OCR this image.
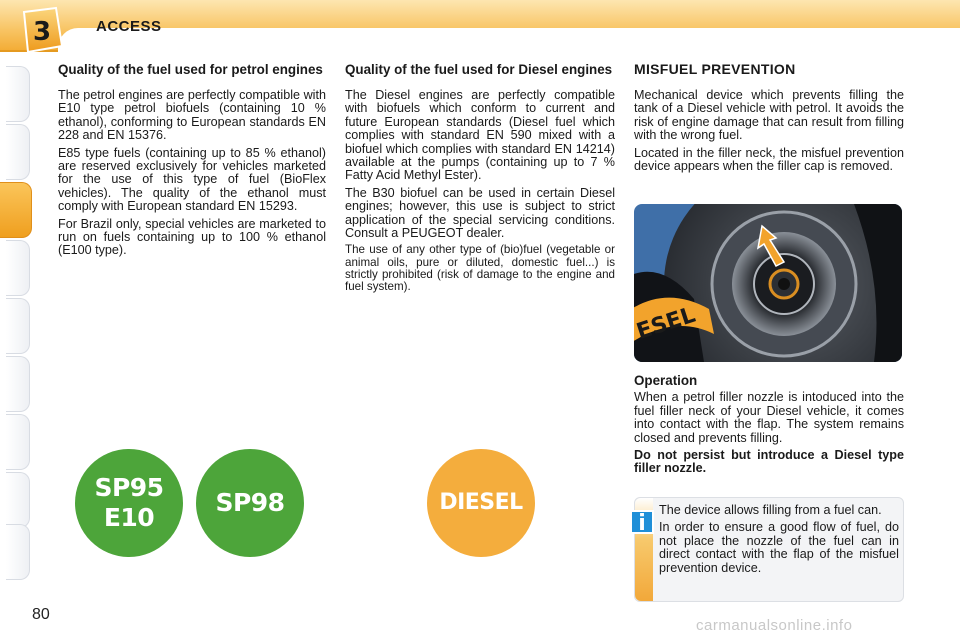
3	ACCESS
Quality of the fuel used for petrol engines

The petrol engines are perfectly compatible with E10 type petrol biofuels (containing 10 % ethanol), conforming to European standards EN 228 and EN 15376.

E85 type fuels (containing up to 85 % ethanol) are reserved exclusively for vehicles marketed for the use of this type of fuel (BioFlex vehicles). The quality of the ethanol must comply with European standard EN 15293.

For Brazil only, special vehicles are marketed to run on fuels containing up to 100 % ethanol (E100 type).

Quality of the fuel used for Diesel engines

The Diesel engines are perfectly compatible with biofuels which conform to current and future European standards (Diesel fuel which complies with standard EN 590 mixed with a biofuel which complies with standard EN 14214) available at the pumps (containing up to 7 % Fatty Acid Methyl Ester).

The B30 biofuel can be used in certain Diesel engines; however, this use is subject to strict application of the special servicing conditions. Consult a PEUGEOT dealer.

The use of any other type of (bio)fuel (vegetable or animal oils, pure or diluted, domestic fuel...) is strictly prohibited (risk of damage to the engine and fuel system).

MISFUEL PREVENTION

Mechanical device which prevents filling the tank of a Diesel vehicle with petrol. It avoids the risk of engine damage that can result from filling with the wrong fuel.

Located in the filler neck, the misfuel prevention device appears when the filler cap is removed.

ESEL
Operation

When a petrol filler nozzle is intoduced into the fuel filler neck of your Diesel vehicle, it comes into contact with the flap. The system remains closed and prevents filling.

Do not persist but introduce a Diesel type filler nozzle.

The device allows filling from a fuel can.

In order to ensure a good flow of fuel, do not place the nozzle of the fuel can in direct contact with the flap of the misfuel prevention device.

i
SP95
E10
SP98	DIESEL
80
carmanualsonline.info
